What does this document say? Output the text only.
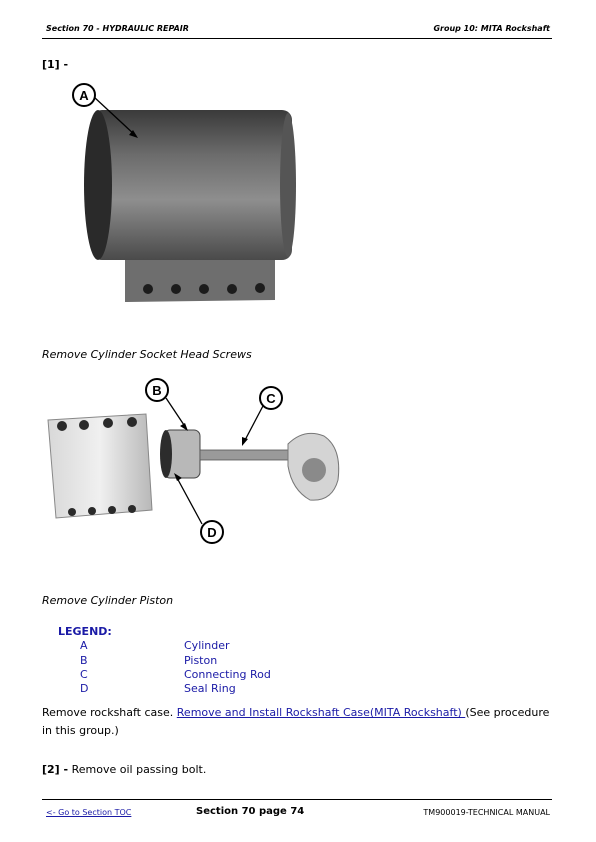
Section 70 - HYDRAULIC REPAIR	Group 10: MITA Rockshaft
[1] -
A
Remove Cylinder Socket Head Screws
B
C
D
Remove Cylinder Piston
LEGEND:
A	Cylinder
B	Piston
C	Connecting Rod
D	Seal Ring
Remove rockshaft case. Remove and Install Rockshaft Case(MITA Rockshaft) (See procedure in this group.)
[2] - Remove oil passing bolt.
<- Go to Section TOC	Section 70 page 74	TM900019-TECHNICAL MANUAL
